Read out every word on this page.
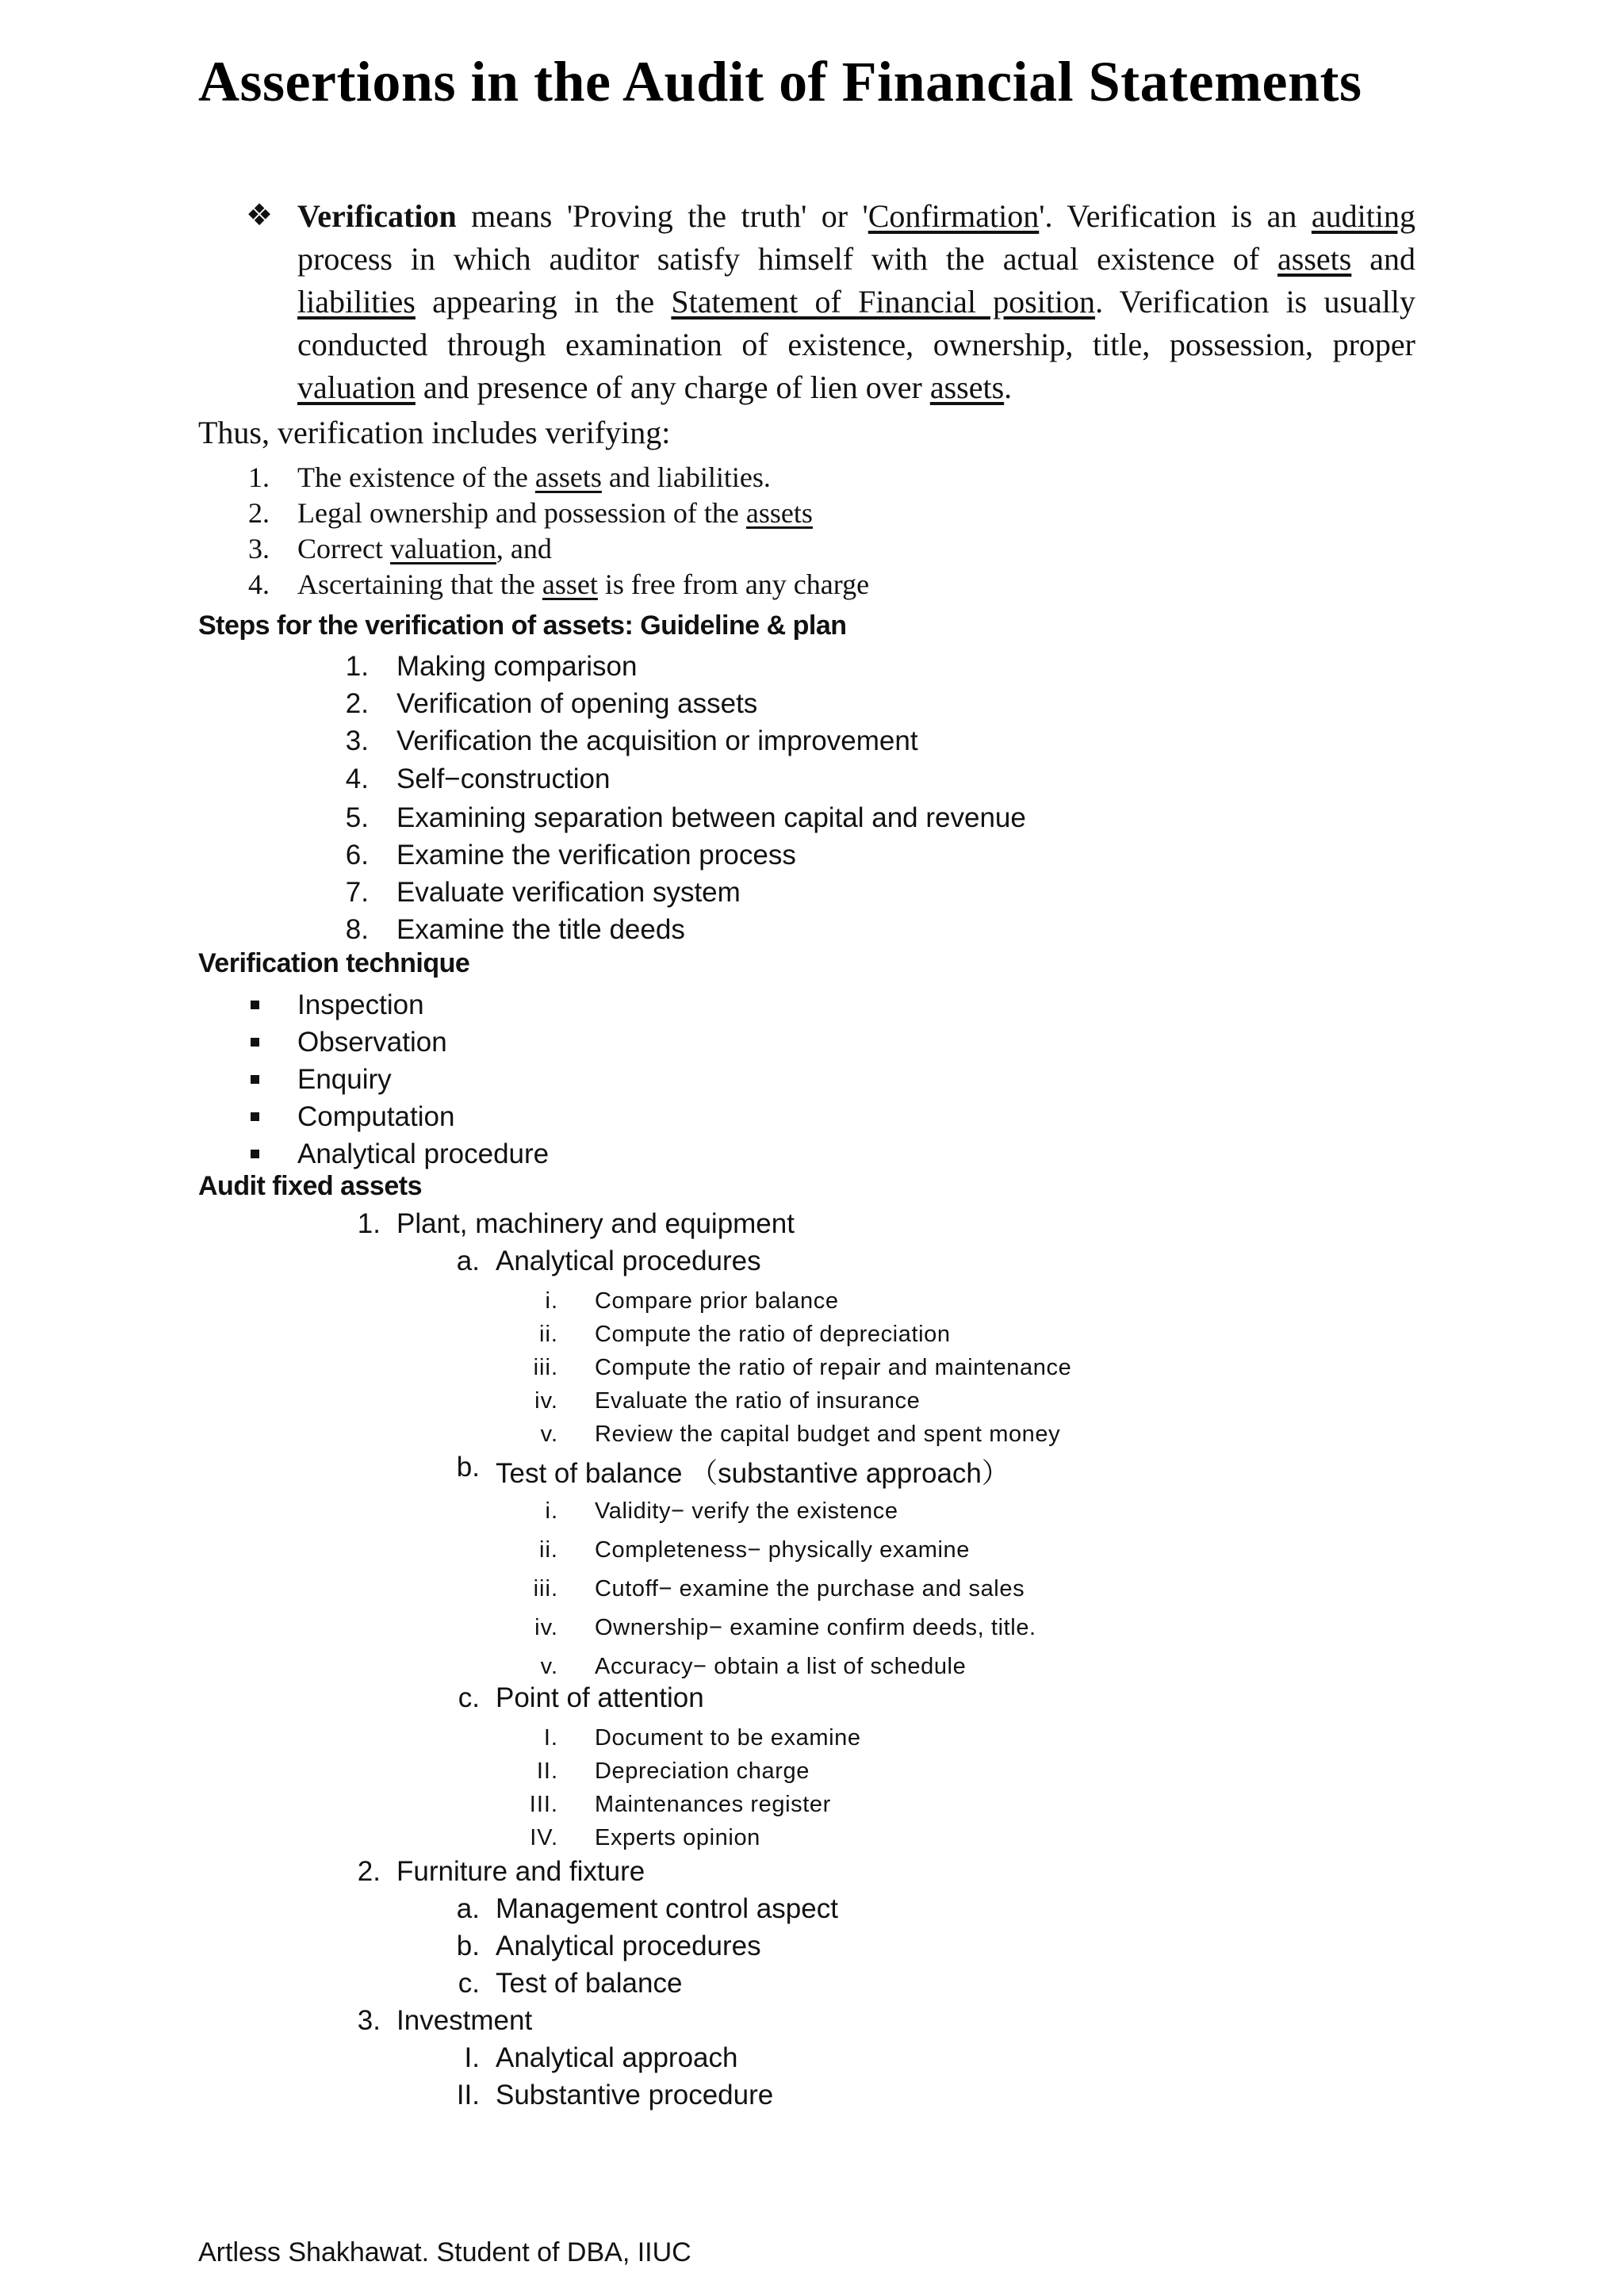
Assertions in the Audit of Financial Statements
❖ Verification means 'Proving the truth' or 'Confirmation'. Verification is an auditing process in which auditor satisfy himself with the actual existence of assets and liabilities appearing in the Statement of Financial position. Verification is usually conducted through examination of existence, ownership, title, possession, proper valuation and presence of any charge of lien over assets.
Thus, verification includes verifying:
1. The existence of the assets and liabilities.
2. Legal ownership and possession of the assets
3. Correct valuation, and
4. Ascertaining that the asset is free from any charge
Steps for the verification of assets: Guideline & plan
1. Making comparison
2. Verification of opening assets
3. Verification the acquisition or improvement
4. Self−construction
5. Examining separation between capital and revenue
6. Examine the verification process
7. Evaluate verification system
8. Examine the title deeds
Verification technique
Inspection
Observation
Enquiry
Computation
Analytical procedure
Audit fixed assets
1. Plant, machinery and equipment
a. Analytical procedures
i. Compare prior balance
ii. Compute the ratio of depreciation
iii. Compute the ratio of repair and maintenance
iv. Evaluate the ratio of insurance
v. Review the capital budget and spent money
b. Test of balance （substantive approach）
i. Validity− verify the existence
ii. Completeness− physically examine
iii. Cutoff− examine the purchase and sales
iv. Ownership− examine confirm deeds, title.
v. Accuracy− obtain a list of schedule
c. Point of attention
I. Document to be examine
II. Depreciation charge
III. Maintenances register
IV. Experts opinion
2. Furniture and fixture
a. Management control aspect
b. Analytical procedures
c. Test of balance
3. Investment
I. Analytical approach
II. Substantive procedure
Artless Shakhawat. Student of DBA, IIUC
